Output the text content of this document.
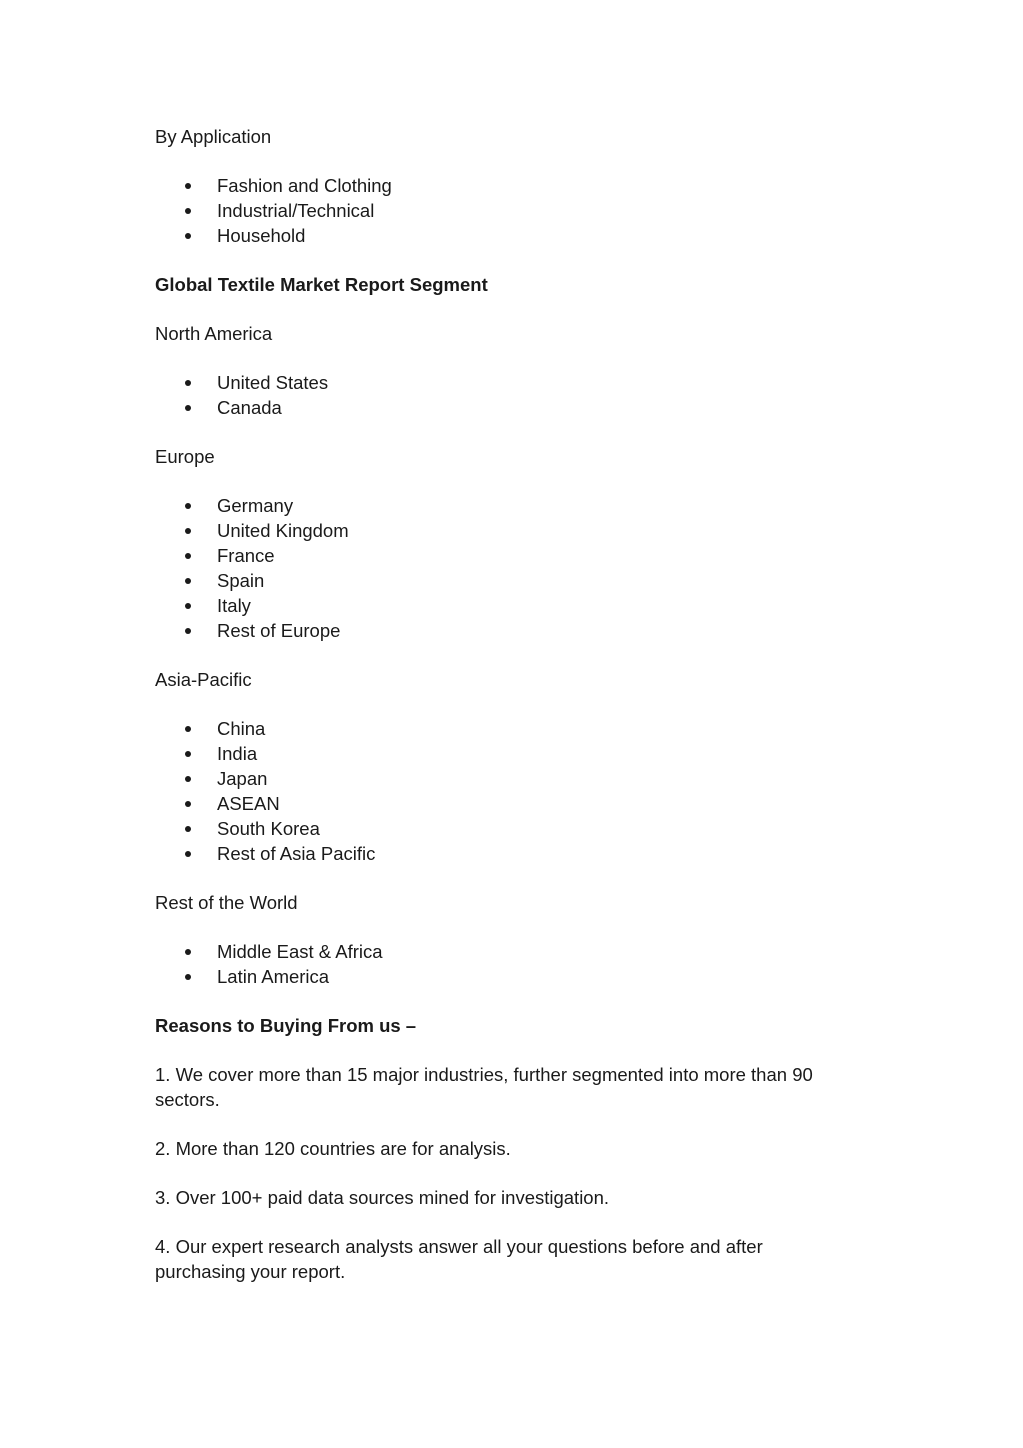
By Application

Fashion and Clothing
Industrial/Technical
Household

Global Textile Market Report Segment

North America

United States
Canada

Europe

Germany
United Kingdom
France
Spain
Italy
Rest of Europe

Asia-Pacific

China
India
Japan
ASEAN
South Korea
Rest of Asia Pacific

Rest of the World

Middle East & Africa
Latin America

Reasons to Buying From us –

1. We cover more than 15 major industries, further segmented into more than 90 sectors.

2. More than 120 countries are for analysis.

3. Over 100+ paid data sources mined for investigation.

4. Our expert research analysts answer all your questions before and after purchasing your report.
